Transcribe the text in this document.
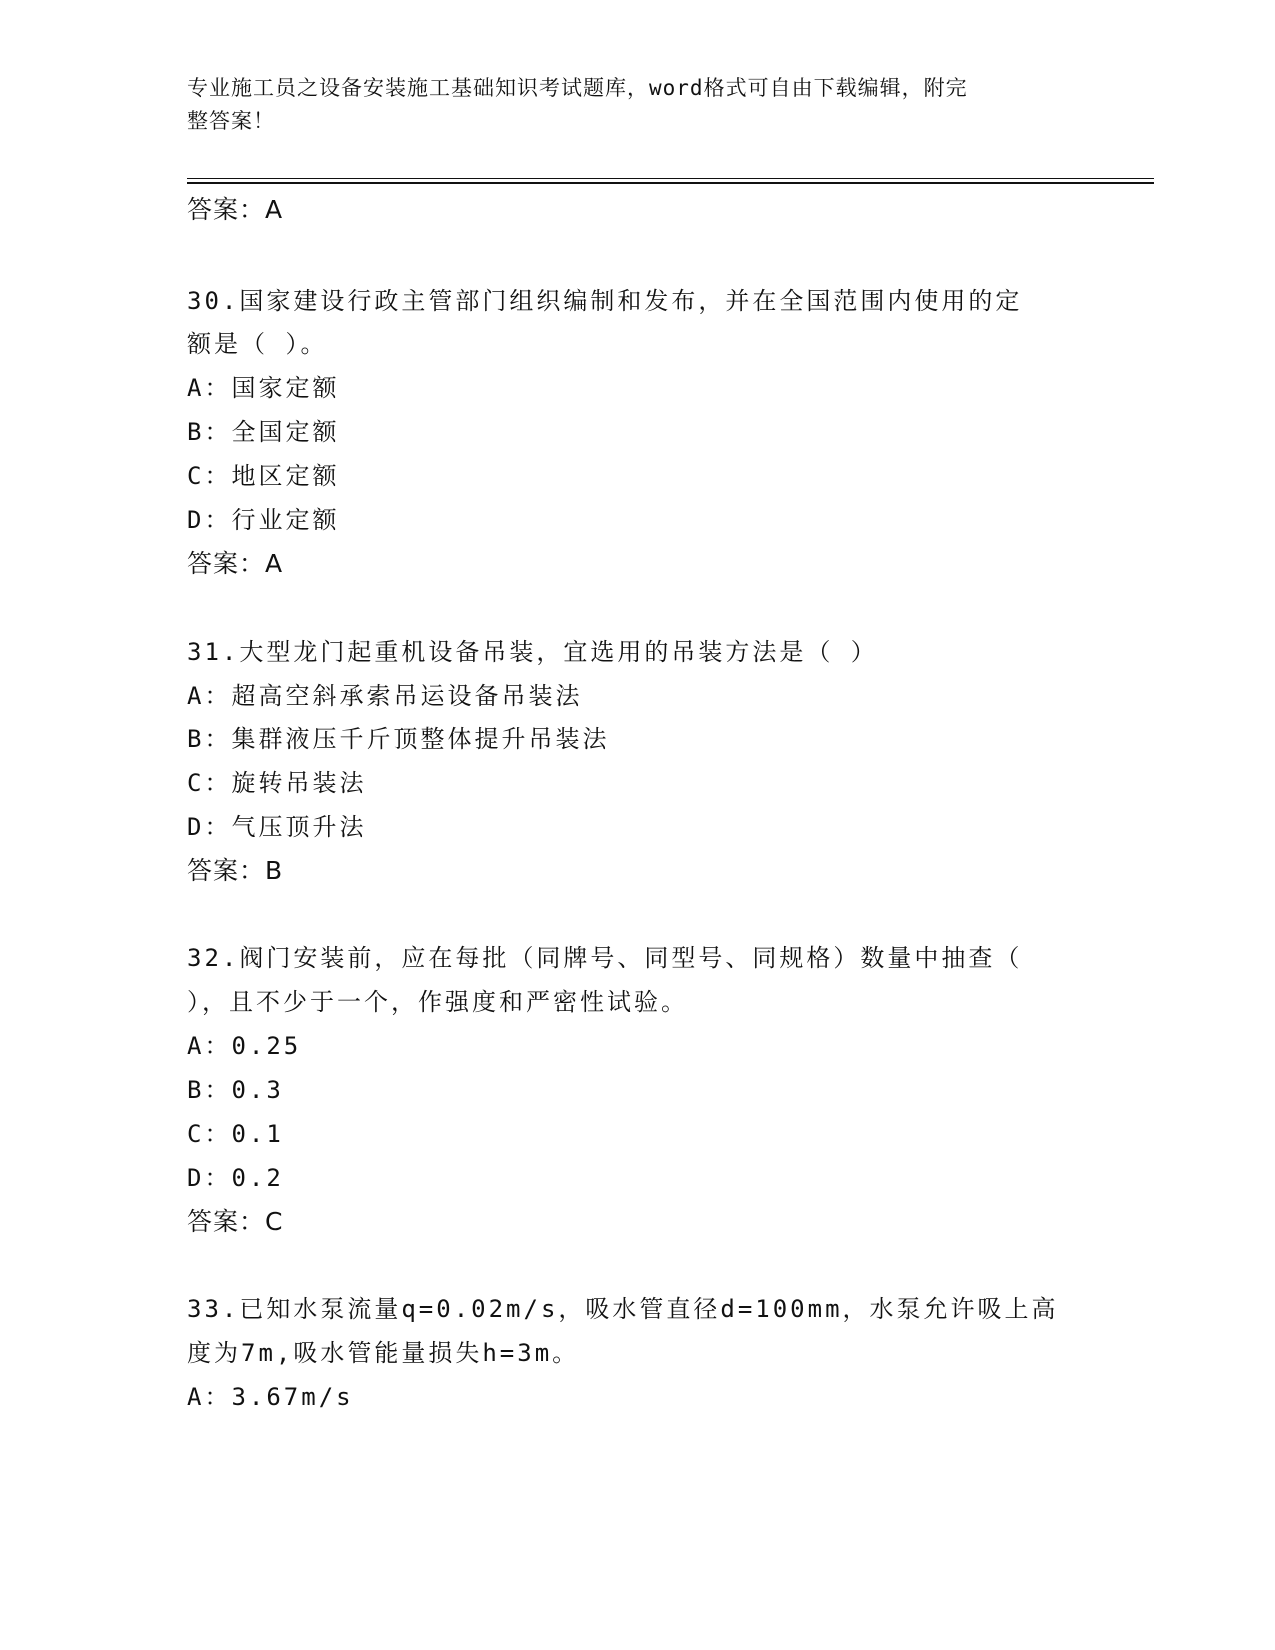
专业施工员之设备安装施工基础知识考试题库，word格式可自由下载编辑，附完
整答案！
答案：A
30.国家建设行政主管部门组织编制和发布，并在全国范围内使用的定
额是（ ）。
A：国家定额
B：全国定额
C：地区定额
D：行业定额
答案：A
31.大型龙门起重机设备吊装，宜选用的吊装方法是（ ）
A：超高空斜承索吊运设备吊装法
B：集群液压千斤顶整体提升吊装法
C：旋转吊装法
D：气压顶升法
答案：B
32.阀门安装前，应在每批（同牌号、同型号、同规格）数量中抽查（
），且不少于一个，作强度和严密性试验。
A：0.25
B：0.3
C：0.1
D：0.2
答案：C
33.已知水泵流量q=0.02m/s，吸水管直径d=100mm，水泵允许吸上高
度为7m,吸水管能量损失h=3m。
A：3.67m/s
